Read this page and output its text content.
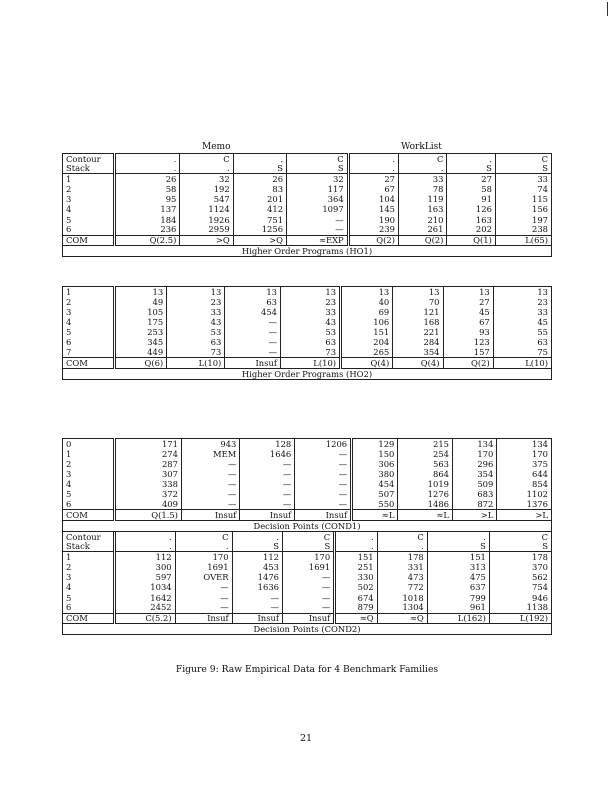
Memo	WorkList
Contour	.	C	.	C	.	C	.	C
Stack	.	.	S	S	.	.	S	S
1	26	32	26	32	27	33	27	33
2	58	192	83	117	67	78	58	74
3	95	547	201	364	104	119	91	115
4	137	1124	412	1097	145	163	126	156
5	184	1926	751	—	190	210	163	197
6	236	2959	1256	—	239	261	202	238
COM	Q(2.5)	>Q	>Q	≈EXP	Q(2)	Q(2)	Q(1)	L(65)
Higher Order Programs (HO1)								
1	13	13	13	13	13	13	13	13
2	49	23	63	23	40	70	27	23
3	105	33	454	33	69	121	45	33
4	175	43	—	43	106	168	67	45
5	253	53	—	53	151	221	93	55
6	345	63	—	63	204	284	123	63
7	449	73	—	73	265	354	157	75
COM	Q(6)	L(10)	Insuf	L(10)	Q(4)	Q(4)	Q(2)	L(10)
Higher Order Programs (HO2)								
0	171	943	128	1206	129	215	134	134
1	274	MEM	1646	—	150	254	170	170
2	287	—	—	—	306	563	296	375
3	307	—	—	—	380	864	354	644
4	338	—	—	—	454	1019	509	854
5	372	—	—	—	507	1276	683	1102
6	409	—	—	—	550	1486	872	1376
COM	Q(1.5)	Insuf	Insuf	Insuf	≈L	≈L	>L	>L
Decision Points (COND1)								
Contour	.	C	.	C	.	C	.	C
Stack	.	.	S	S	.	.	S	S
1	112	170	112	170	151	178	151	178
2	300	1691	453	1691	251	331	313	370
3	597	OVER	1476	—	330	473	475	562
4	1034	—	1636	—	502	772	637	754
5	1642	—	—	—	674	1018	799	946
6	2452	—	—	—	879	1304	961	1138
COM	C(5.2)	Insuf	Insuf	Insuf	≈Q	≈Q	L(162)	L(192)
Decision Points (COND2)								
Figure 9: Raw Empirical Data for 4 Benchmark Families
21
